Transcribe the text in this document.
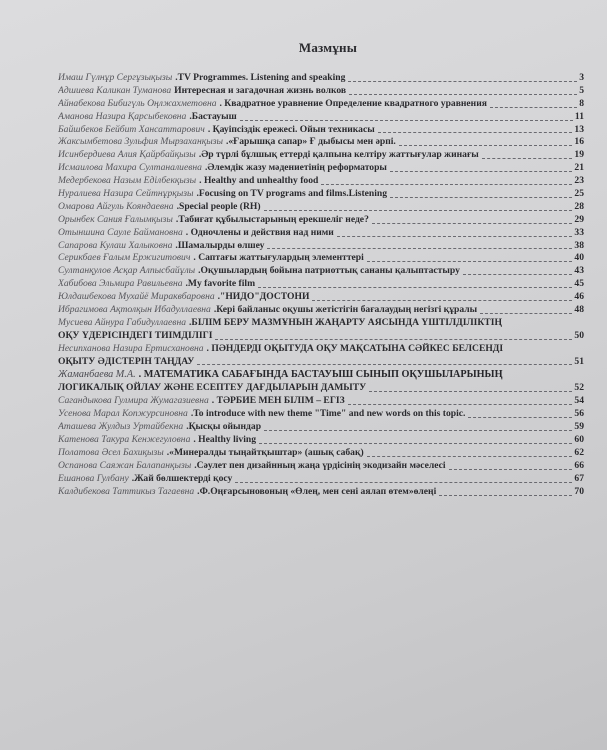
Мазмұны
Имаш Гүлнұр Сергұзықызы .TV Programmes. Listening and speaking	3
Адшиева Каликан Туманова Интересная и загадочная жизнь волков	5
Айнабекова Бибигүль Оңлжахметовна . Квадратное уравнение Определение квадратного уравнения	8
Аманова Назира Қарсыбековна .Бастауыш	11
Байшбеков Бейбит Хансаттарович . Қауіпсіздік ережесі. Ойын техникасы	13
Жаксымбетова Зульфия Мырзаханқызы .«Ғарышқа сапар» Ғ дыбысы мен әрпі.	16
Исинбердиева Алия Қайрбайқызы .Әр түрлі бұлшық еттерді қалпына келтіру жаттығулар жинағы	19
Исмаилова Махира Султаналиевна .Әлемдік жазу мәдениетінің реформаторы	21
Медербекова Назым Еділбекқызы . Healthy and unhealthy food	23
Нуралиева Назира Сейтнұрқызы .Focusing on TV programs and films.Listening	25
Омарова Айгуль Кояндаевна .Special people (RH)	28
Орынбек Сания Ғалымқызы .Табиғат құбылыстарының ерекшеліг неде?	29
Отыншина Сауле Баймановна . Одночлены и действия над ними	33
Сапарова Кулаш Халыковна .Шамалырды өлшеу	38
Серикбаев Ғалым Ержигитович . Саптағы жаттығулардың элементтері	40
Султанқулов Асқар Алпысбайұлы .Оқушылардың бойына патриоттық сананы қалыптастыру	43
Хабибова Эльмира Равильевна .My favorite film	45
Юлдашбекова Мухайё Мираквбаровна ."НИДО"ДОСТОНИ	46
Ибрагимова Ақтолқын Ибадуллаевна .Кері байланыс оқушы жетістігін бағалаудың негізгі құралы	48
Мусиева Айнура Габидуллаевна .БІЛІМ БЕРУ МАЗМҰНЫН ЖАҢАРТУ АЯСЫНДА ҮШТІЛДІЛІКТІҢ
ОҚУ ҮДЕРІСІНДЕГІ ТИІМДІЛІГІ	50
Несипханова Назира Ертисхановна . ПӘНДЕРДІ ОҚЫТУДА ОҚУ МАҚСАТЫНА СӘЙКЕС БЕЛСЕНДІ
ОҚЫТУ ӘДІСТЕРІН ТАҢДАУ	51
Жаманбаева М.А. . МАТЕМАТИКА САБАҒЫНДА БАСТАУЫШ СЫНЫП ОҚУШЫЛАРЫНЫҢ
ЛОГИКАЛЫҚ ОЙЛАУ ЖӘНЕ ЕСЕПТЕУ ДАҒДЫЛАРЫН ДАМЫТУ	52
Сагандыкова Гулмира Жумагазиевна . ТӘРБИЕ МЕН БІЛІМ – ЕГІЗ	54
Усенова Марал Копжурсиновна .To introduce with new theme "Time" and new words on this topic.	56
Аташева Жулдыз Уртайбекна .Қысқы ойындар	59
Катенова Такура Кенжегуловна . Healthy living	60
Полатова Әсел Бахиқызы .«Минералды тыңайтқыштар» (ашық сабақ)	62
Оспанова Саяжан Балапанқызы .Сәулет пен дизайнның жаңа үрдісінің экодизайн мәселесі	66
Ешанова Гулбану .Жай бөлшектерді қосу	67
Калдибекова Таттикыз Тагаевна .Ф.Оңғарсыновоның «Өлең, мен сені аялап өтем»өлеңі	70
